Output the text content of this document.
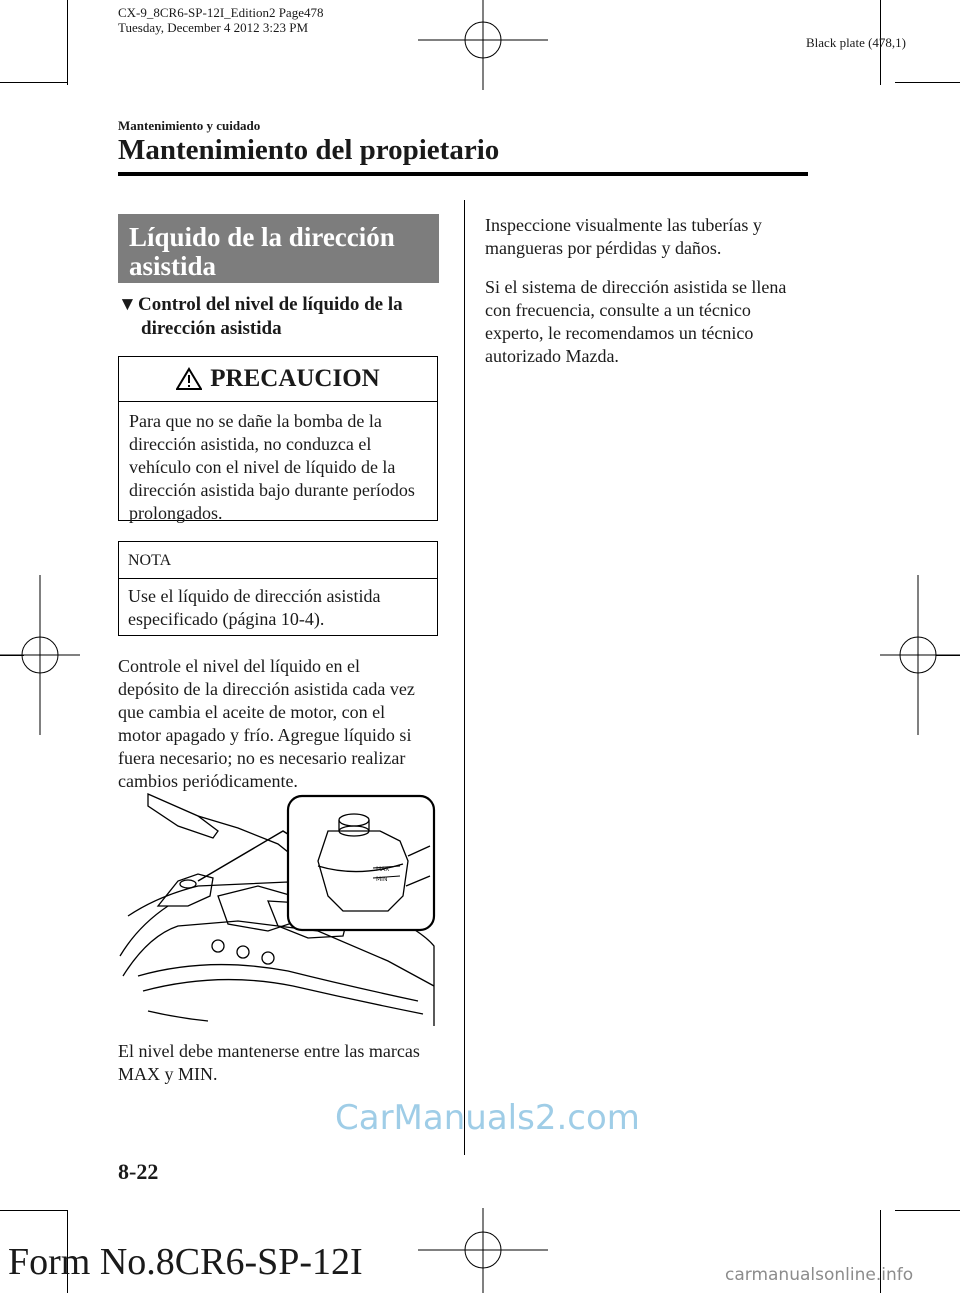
CX-9_8CR6-SP-12I_Edition2 Page478
Tuesday, December 4 2012 3:23 PM
Black plate (478,1)
Mantenimiento y cuidado
Mantenimiento del propietario
Líquido de la dirección
asistida
▼Control del nivel de líquido de la
dirección asistida
PRECAUCION
Para que no se dañe la bomba de la
dirección asistida, no conduzca el
vehículo con el nivel de líquido de la
dirección asistida bajo durante períodos
prolongados.
NOTA
Use el líquido de dirección asistida
especificado (página 10-4).
Controle el nivel del líquido en el
depósito de la dirección asistida cada vez
que cambia el aceite de motor, con el
motor apagado y frío. Agregue líquido si
fuera necesario; no es necesario realizar
cambios periódicamente.
MAX
MIN
El nivel debe mantenerse entre las marcas
MAX y MIN.
Inspeccione visualmente las tuberías y
mangueras por pérdidas y daños.
Si el sistema de dirección asistida se llena
con frecuencia, consulte a un técnico
experto, le recomendamos un técnico
autorizado Mazda.
CarManuals2.com
8-22
Form No.8CR6-SP-12I	carmanualsonline.info
